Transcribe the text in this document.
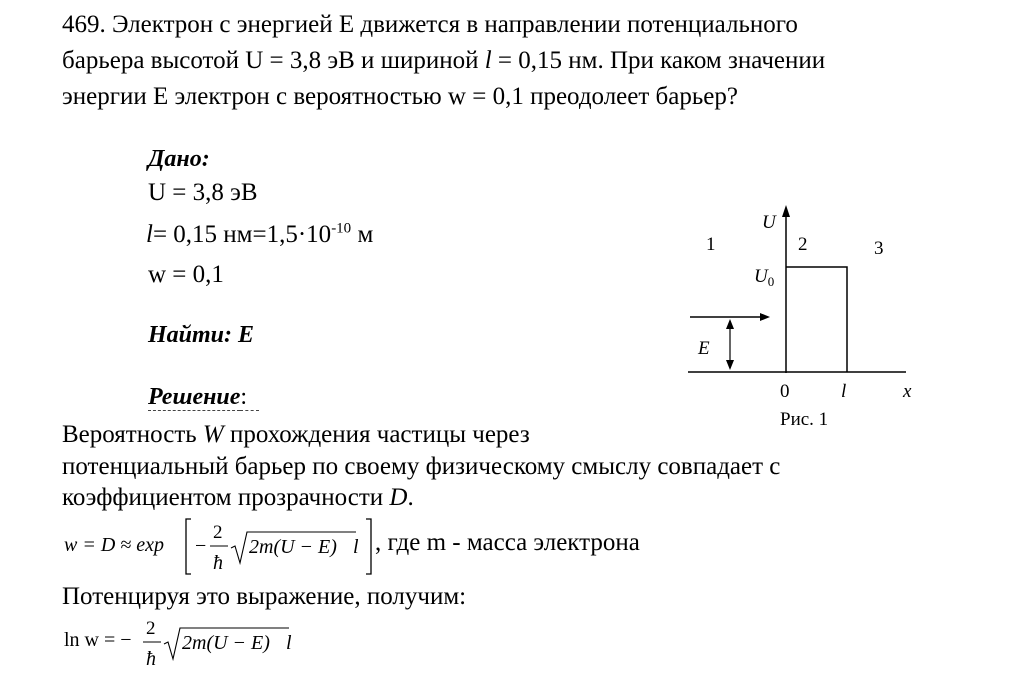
469. Электрон с энергией E движется в направлении потенциального
барьера высотой U = 3,8 эВ и шириной l = 0,15 нм. При каком значении
энергии E электрон с вероятностью w = 0,1 преодолеет барьер?
Дано:
U = 3,8 эВ
l= 0,15 $нм=1,5\cdot 10^{-10}$ м
w = 0,1
Найти: E
Решение:
Вероятность W прохождения частицы через
потенциальный барьер по своему физическому смыслу совпадает с
коэффициентом прозрачности D.
w = D ≈ exp −
2
ħ
2m(U − E) l , где m - масса электрона
Потенцируя это выражение, получим:
ln w = −
2
ħ
2m(U − E) l
U
$U_0$
1	2	3
E
0	l	x
Рис. 1
